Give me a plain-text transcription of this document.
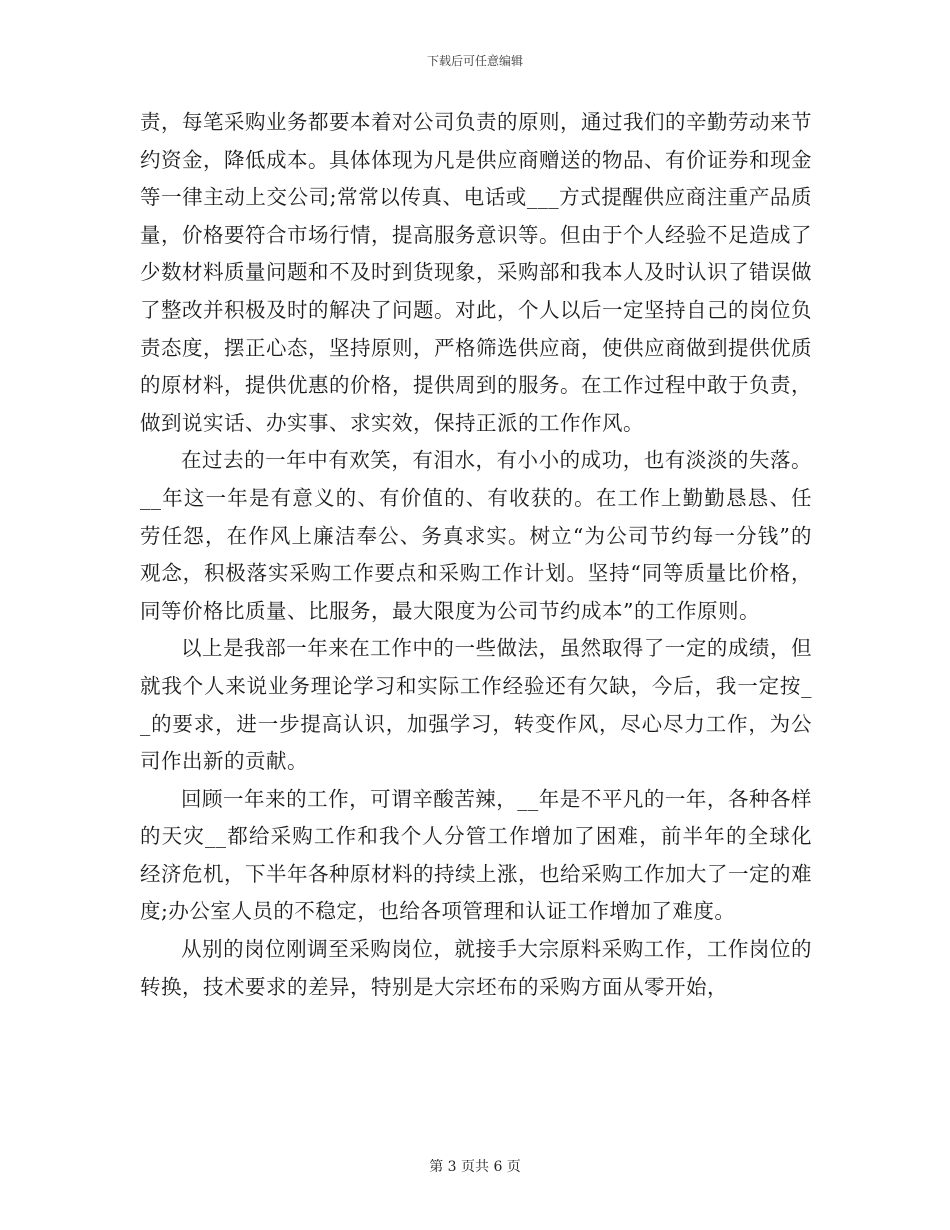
下载后可任意编辑

责，每笔采购业务都要本着对公司负责的原则，通过我们的辛勤劳动来节约资金，降低成本。具体体现为凡是供应商赠送的物品、有价证券和现金等一律主动上交公司;常常以传真、电话或___方式提醒供应商注重产品质量，价格要符合市场行情，提高服务意识等。但由于个人经验不足造成了少数材料质量问题和不及时到货现象，采购部和我本人及时认识了错误做了整改并积极及时的解决了问题。对此，个人以后一定坚持自己的岗位负责态度，摆正心态，坚持原则，严格筛选供应商，使供应商做到提供优质的原材料，提供优惠的价格，提供周到的服务。在工作过程中敢于负责，做到说实话、办实事、求实效，保持正派的工作作风。

在过去的一年中有欢笑，有泪水，有小小的成功，也有淡淡的失落。__年这一年是有意义的、有价值的、有收获的。在工作上勤勤恳恳、任劳任怨，在作风上廉洁奉公、务真求实。树立“为公司节约每一分钱”的观念，积极落实采购工作要点和采购工作计划。坚持“同等质量比价格，同等价格比质量、比服务，最大限度为公司节约成本”的工作原则。

以上是我部一年来在工作中的一些做法，虽然取得了一定的成绩，但就我个人来说业务理论学习和实际工作经验还有欠缺，今后，我一定按__的要求，进一步提高认识，加强学习，转变作风，尽心尽力工作，为公司作出新的贡献。

回顾一年来的工作，可谓辛酸苦辣，__年是不平凡的一年，各种各样的天灾__都给采购工作和我个人分管工作增加了困难，前半年的全球化经济危机，下半年各种原材料的持续上涨，也给采购工作加大了一定的难度;办公室人员的不稳定，也给各项管理和认证工作增加了难度。

从别的岗位刚调至采购岗位，就接手大宗原料采购工作，工作岗位的转换，技术要求的差异，特别是大宗坯布的采购方面从零开始，

第 3 页共 6 页
